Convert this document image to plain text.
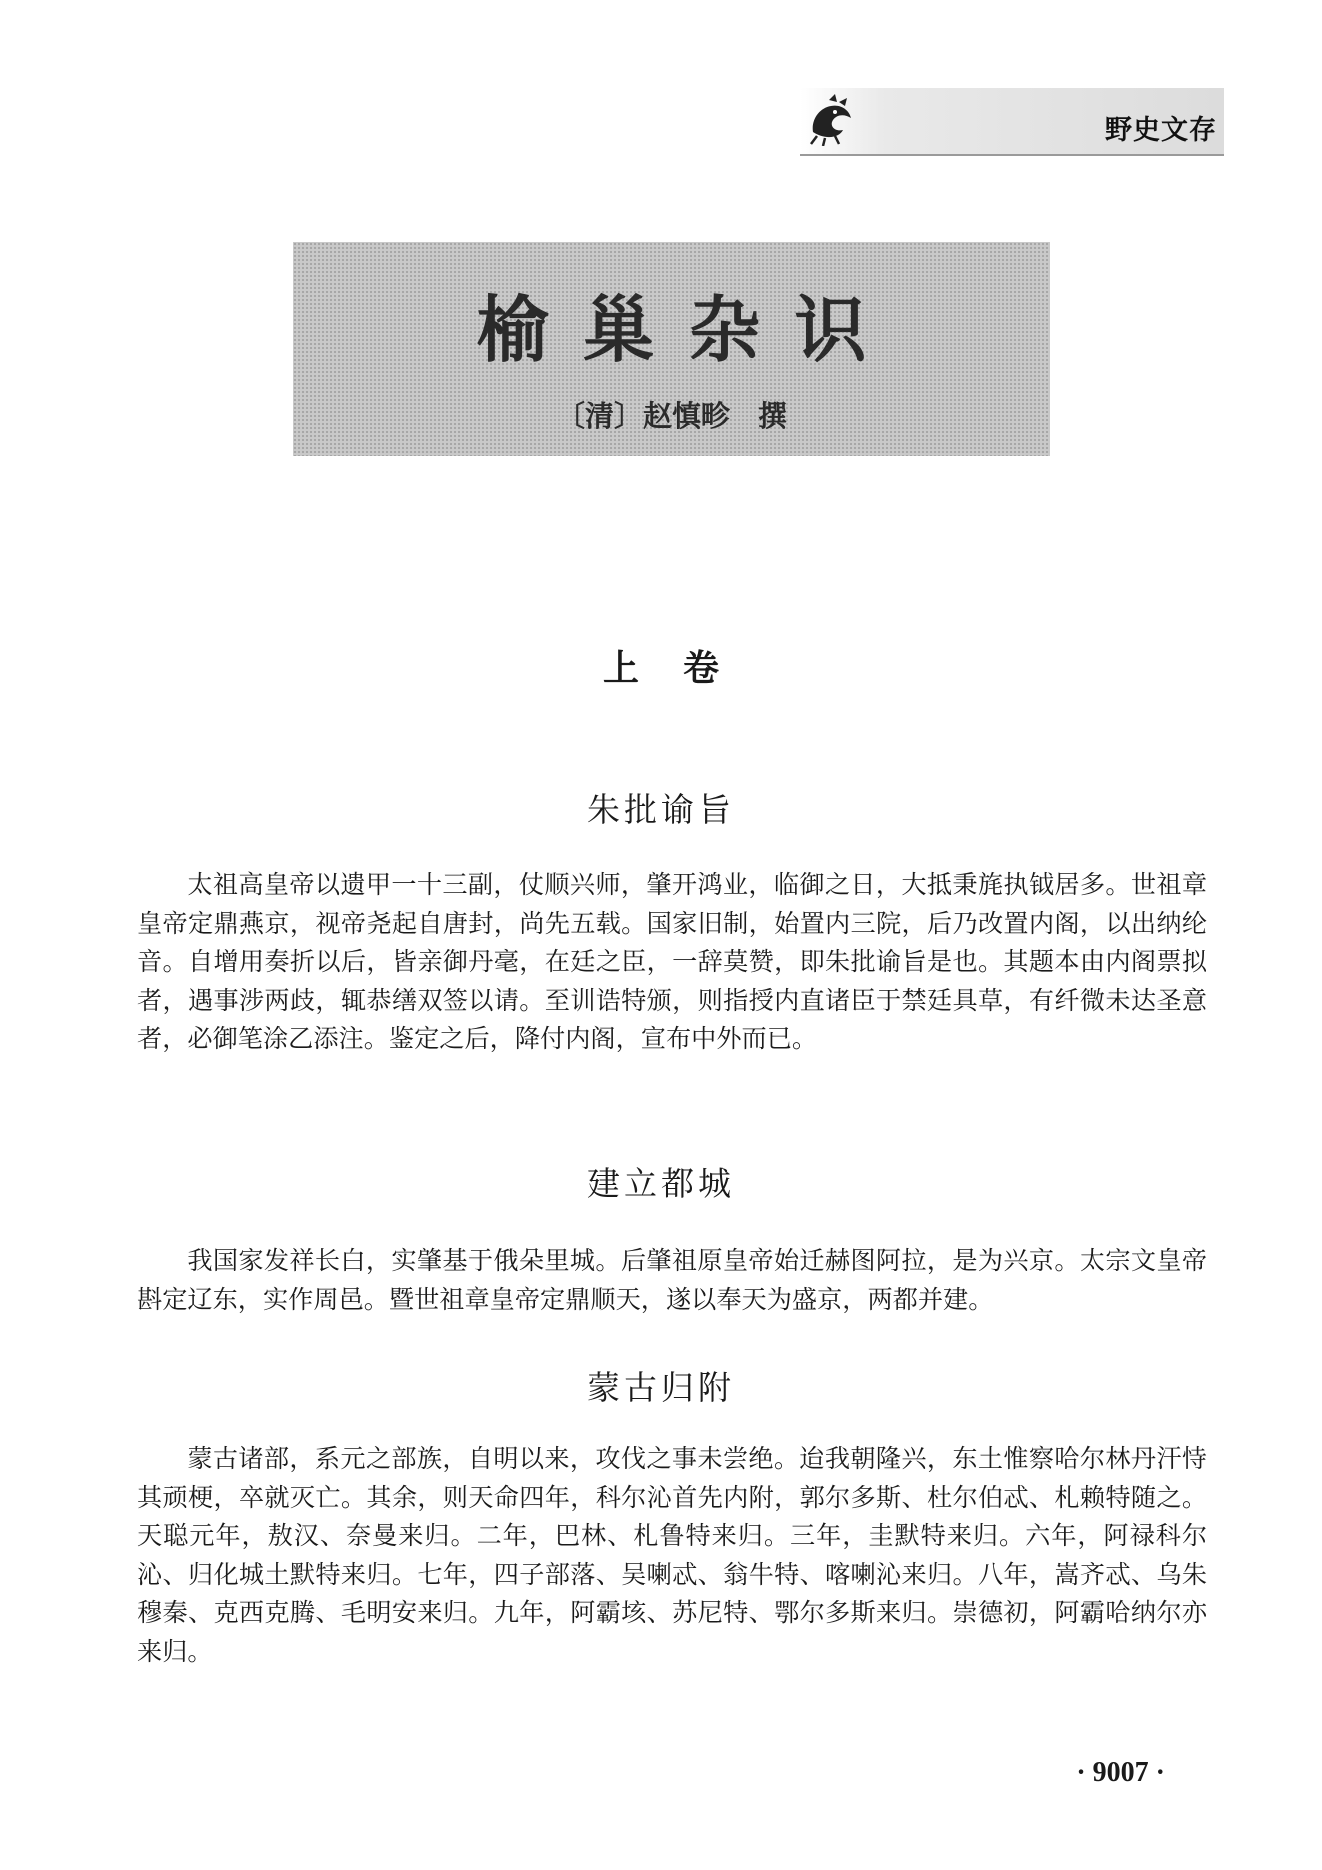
野史文存
榆巢杂识
〔清〕赵慎畛 撰
上卷
朱批谕旨

太祖高皇帝以遗甲一十三副，仗顺兴师，肇开鸿业，临御之日，大抵秉旄执钺居多。世祖章皇帝定鼎燕京，视帝尧起自唐封，尚先五载。国家旧制，始置内三院，后乃改置内阁，以出纳纶音。自增用奏折以后，皆亲御丹毫，在廷之臣，一辞莫赞，即朱批谕旨是也。其题本由内阁票拟者，遇事涉两歧，辄恭缮双签以请。至训诰特颁，则指授内直诸臣于禁廷具草，有纤微未达圣意者，必御笔涂乙添注。鉴定之后，降付内阁，宣布中外而已。

建立都城

我国家发祥长白，实肇基于俄朵里城。后肇祖原皇帝始迁赫图阿拉，是为兴京。太宗文皇帝斟定辽东，实作周邑。暨世祖章皇帝定鼎顺天，遂以奉天为盛京，两都并建。

蒙古归附

蒙古诸部，系元之部族，自明以来，攻伐之事未尝绝。迨我朝隆兴，东土惟察哈尔林丹汗恃其顽梗，卒就灭亡。其余，则天命四年，科尔沁首先内附，郭尔多斯、杜尔伯忒、札赖特随之。天聪元年，敖汉、奈曼来归。二年，巴林、札鲁特来归。三年，圭默特来归。六年，阿禄科尔沁、归化城土默特来归。七年，四子部落、吴喇忒、翁牛特、喀喇沁来归。八年，嵩齐忒、乌朱穆秦、克西克腾、毛明安来归。九年，阿霸垓、苏尼特、鄂尔多斯来归。崇德初，阿霸哈纳尔亦来归。

· 9007 ·
